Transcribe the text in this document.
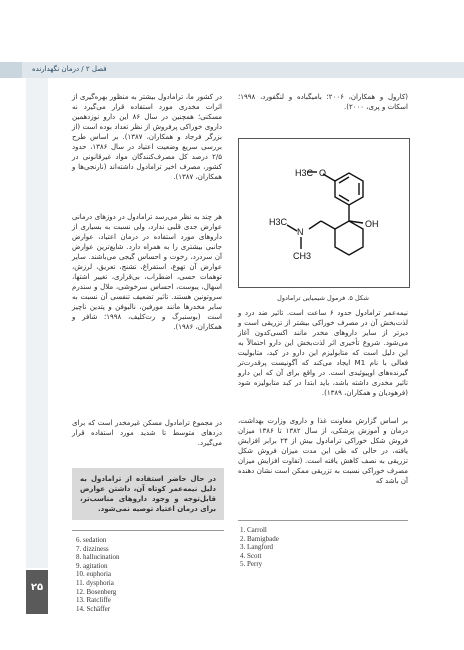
فصل ۲ / درمان نگهدارنده
(کارول و همکاران، ۲۰۰۶؛ بامیگباده و لنگفورد، ۱۹۹۸؛ اسکات و پری، ۲۰۰۰).
H3C O
OH
N
H3C
CH3
شکل ۵. فرمول شیمیایی ترامادول
نیمه‌عمر ترامادول حدود ۶ ساعت است. تاثیر ضد درد و لذت‌بخش آن در مصرف خوراکی بیشتر از تزریقی است و دیرتر از سایر داروهای مخدر مانند اکسی‌کدون آغاز می‌شود. شروع تأخیری اثر لذت‌بخش این دارو احتمالاً به این دلیل است که متابولیزم این دارو در کبد، متابولیت فعالی با نام M1 ایجاد می‌کند که آگونیست پرقدرت‌تر گیرنده‌های اوپیوئیدی است. در واقع برای آن که این دارو تاثیر مخدری داشته باشد، باید ابتدا در کبد متابولیزه شود (فرهودیان و همکاران، ۱۳۸۹).
بر اساس گزارش معاونت غذا و داروی وزارت بهداشت، درمان و آموزش پزشکی، از سال ۱۳۸۲ تا ۱۳۸۶ میزان فروش شکل خوراکی ترامادول بیش از ۲۴ برابر افزایش یافته، در حالی که طی این مدت میزان فروش شکل تزریقی به نصف کاهش یافته است. (تفاوت افزایش میزان مصرف خوراکی نسبت به تزریقی ممکن است نشان دهنده آن باشد که
1. Carroll
2. Bamigbade
3. Langford
4. Scott
5. Perry
در کشور ما، ترامادول بیشتر به منظور بهره‌گیری از اثرات مخدری مورد استفاده قرار می‌گیرد نه مسکنی؛ همچنین در سال ۸۶ این دارو نوزدهمین داروی خوراکی پرفروش از نظر تعداد بوده است (از بزرگر فرجاد و همکاران، ۱۳۸۷). بر اساس طرح بررسی سریع وضعیت اعتیاد در سال ۱۳۸۶، حدود ۲/۵ درصد کل مصرف‌کنندگان مواد غیرقانونی در کشور، مصرف اخیر ترامادول داشته‌اند (نارنجی‌ها و همکاران، ۱۳۸۷).
هر چند به نظر می‌رسد ترامادول در دوزهای درمانی عوارض جدی قلبی ندارد، ولی نسبت به بسیاری از داروهای مورد استفاده در درمان اعتیاد، عوارض جانبی بیشتری را به همراه دارد. شایع‌ترین عوارض آن سردرد، رخوت و احساس گیجی می‌باشند. سایر عوارض آن تهوع، استفراغ، تشنج، تعریق، لرزش، توهمات حسی، اضطراب، بی‌قراری، تغییر اشتها، اسهال، یبوست، احساس سرخوشی، ملال و سندرم سروتونین هستند. تاثیر تضعیف تنفسی آن نسبت به سایر مخدرها مانند مورفین، نالبوفن و پتدین ناچیز است (بوسنبرگ و رت‌کلیف، ۱۹۹۸؛ شافر و همکاران، ۱۹۸۶).
در مجموع ترامادول مسکن غیرمخدر است که برای دردهای متوسط تا شدید مورد استفاده قرار می‌گیرد.
در حال حاضر استفاده از ترامادول به دلیل نیمه‌عمر کوتاه آن، داشتن عوارض قابل‌توجه و وجود داروهای مناسب‌تر، برای درمان اعتیاد توصیه نمی‌شود.
6. sedation
7. dizziness
8. hallucination
9. agitation
10. euphoria
11. dysphoria
12. Bosenberg
13. Ratcliffe
14. Schäffer
۲۵
